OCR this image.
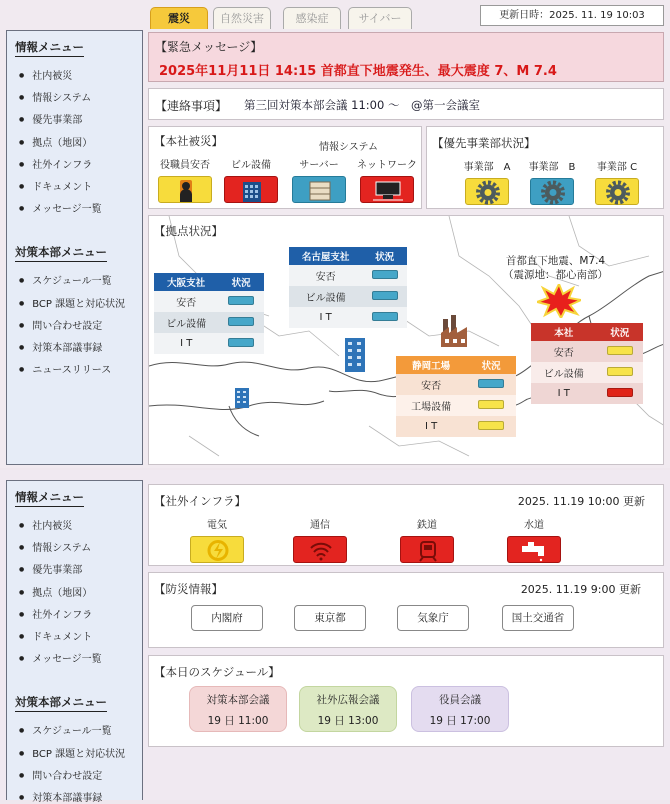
情報メニュー
● 社内被災
● 情報システム
● 優先事業部
● 拠点（地図）
● 社外インフラ
● ドキュメント
● メッセージ一覧
対策本部メニュー
● スケジュール一覧
● BCP 課題と対応状況
● 問い合わせ設定
● 対策本部議事録
● ニュースリリース
震災	自然災害	感染症	サイバー	更新日時：2025. 11. 19 10:03
【緊急メッセージ】
2025年11月11日 14:15 首都直下地震発生、最大震度 7、M 7.4
【連絡事項】 第三回対策本部会議 11:00 ～　@第一会議室
【本社被災】	情報システム
役職員安否	ビル設備	サーバー	ネットワーク
【優先事業部状況】
事業部　A	事業部　B	事業部 C
【拠点状況】
大阪支社	状況
安否	
ビル設備	
I T	
名古屋支社	状況
安否	
ビル設備	
I T	
静岡工場	状況
安否	
工場設備	
I T	
首都直下地震、M7.4
（震源地：都心南部）
本社	状況
安否	
ビル設備	
I T	
情報メニュー
● 社内被災
● 情報システム
● 優先事業部
● 拠点（地図）
● 社外インフラ
● ドキュメント
● メッセージ一覧
対策本部メニュー
● スケジュール一覧
● BCP 課題と対応状況
● 問い合わせ設定
● 対策本部議事録
【社外インフラ】	2025. 11.19 10:00 更新
電気	通信	鉄道	水道
【防災情報】	2025. 11.19 9:00 更新
内閣府	東京都	気象庁	国土交通省
【本日のスケジュール】
対策本部会議
19 日 11:00
社外広報会議
19 日 13:00
役員会議
19 日 17:00
